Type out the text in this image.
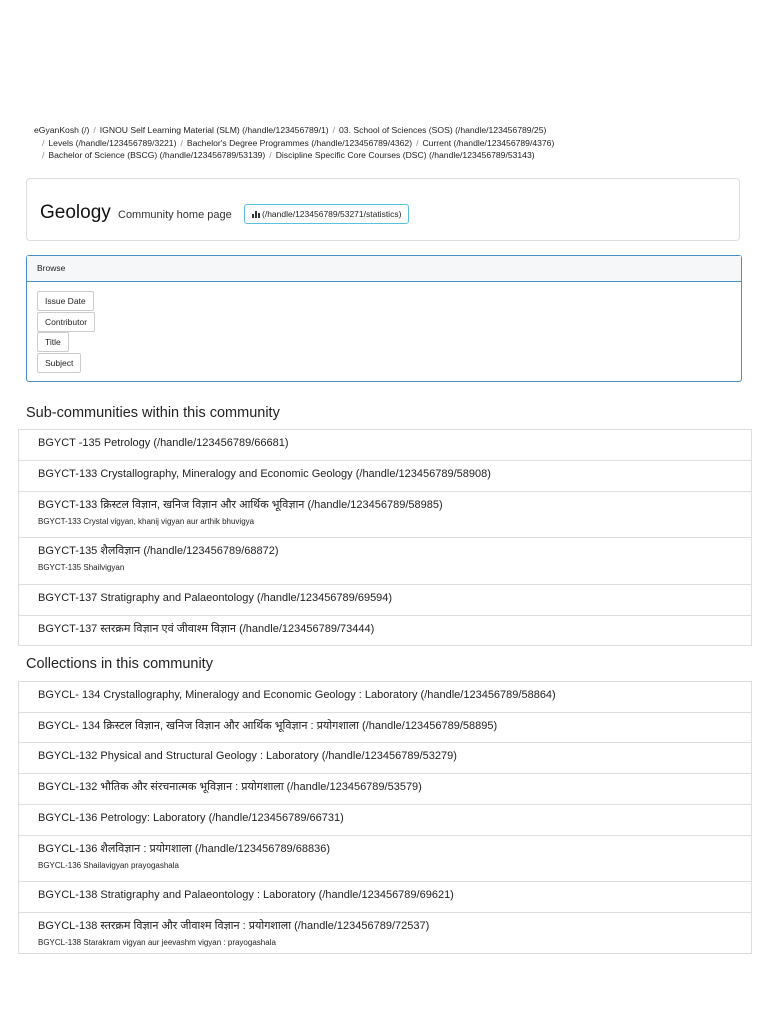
eGyanKosh (/) / IGNOU Self Learning Material (SLM) (/handle/123456789/1) / 03. School of Sciences (SOS) (/handle/123456789/25)
/ Levels (/handle/123456789/3221) / Bachelor's Degree Programmes (/handle/123456789/4362) / Current (/handle/123456789/4376)
/ Bachelor of Science (BSCG) (/handle/123456789/53139) / Discipline Specific Core Courses (DSC) (/handle/123456789/53143)
Geology Community home page	(/handle/123456789/53271/statistics)
Browse
Issue Date
Contributor
Title
Subject
Sub-communities within this community
BGYCT -135 Petrology (/handle/123456789/66681)
BGYCT-133 Crystallography, Mineralogy and Economic Geology (/handle/123456789/58908)
BGYCT-133 क्रिस्टल विज्ञान, खनिज विज्ञान और आर्थिक भूविज्ञान (/handle/123456789/58985)
BGYCT-133 Crystal vigyan, khanij vigyan aur arthik bhuvigya
BGYCT-135 शैलविज्ञान (/handle/123456789/68872)
BGYCT-135 Shailvigyan
BGYCT-137 Stratigraphy and Palaeontology (/handle/123456789/69594)
BGYCT-137 स्तरक्रम विज्ञान एवं जीवाश्म विज्ञान (/handle/123456789/73444)
Collections in this community
BGYCL- 134 Crystallography, Mineralogy and Economic Geology : Laboratory (/handle/123456789/58864)
BGYCL- 134 क्रिस्टल विज्ञान, खनिज विज्ञान और आर्थिक भूविज्ञान : प्रयोगशाला (/handle/123456789/58895)
BGYCL-132 Physical and Structural Geology : Laboratory (/handle/123456789/53279)
BGYCL-132 भौतिक और संरचनात्मक भूविज्ञान : प्रयोगशाला (/handle/123456789/53579)
BGYCL-136 Petrology: Laboratory (/handle/123456789/66731)
BGYCL-136 शैलविज्ञान : प्रयोगशाला (/handle/123456789/68836)
BGYCL-136 Shailavigyan prayogashala
BGYCL-138 Stratigraphy and Palaeontology : Laboratory (/handle/123456789/69621)
BGYCL-138 स्तरक्रम विज्ञान और जीवाश्म विज्ञान : प्रयोगशाला (/handle/123456789/72537)
BGYCL-138 Starakram vigyan aur jeevashm vigyan : prayogashala
